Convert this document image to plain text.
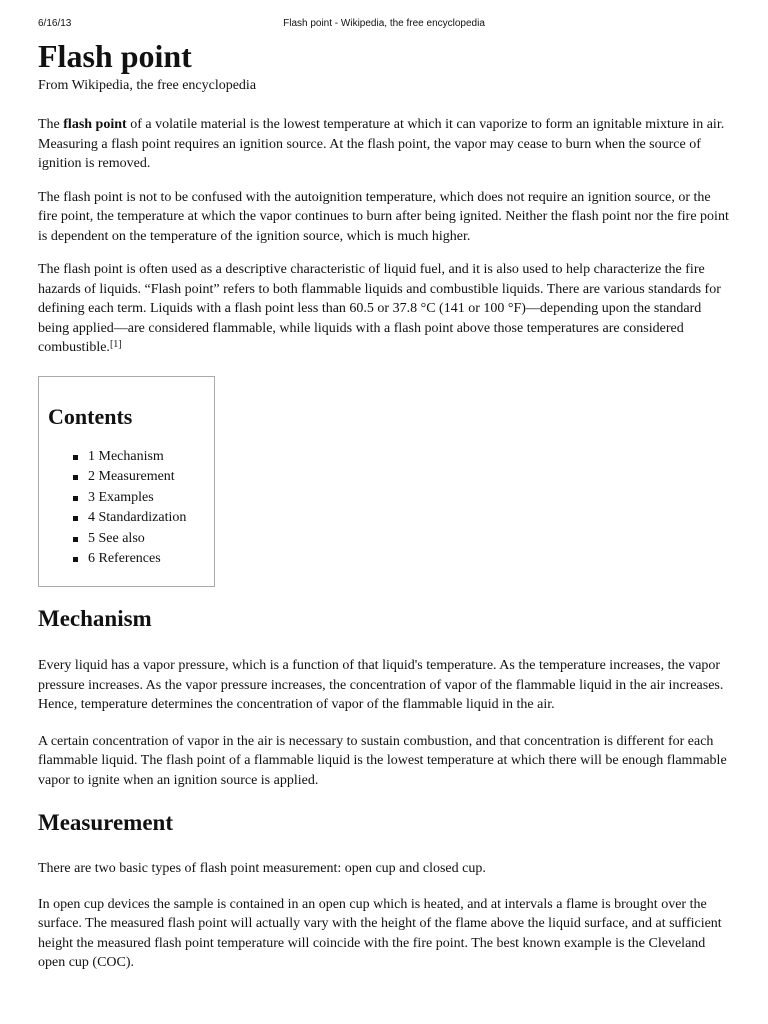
6/16/13	Flash point - Wikipedia, the free encyclopedia
Flash point
From Wikipedia, the free encyclopedia

The flash point of a volatile material is the lowest temperature at which it can vaporize to form an ignitable mixture in air. Measuring a flash point requires an ignition source. At the flash point, the vapor may cease to burn when the source of ignition is removed.

The flash point is not to be confused with the autoignition temperature, which does not require an ignition source, or the fire point, the temperature at which the vapor continues to burn after being ignited. Neither the flash point nor the fire point is dependent on the temperature of the ignition source, which is much higher.

The flash point is often used as a descriptive characteristic of liquid fuel, and it is also used to help characterize the fire hazards of liquids. “Flash point” refers to both flammable liquids and combustible liquids. There are various standards for defining each term. Liquids with a flash point less than 60.5 or 37.8 °C (141 or 100 °F)—depending upon the standard being applied—are considered flammable, while liquids with a flash point above those temperatures are considered combustible.[1]

Contents
1 Mechanism
2 Measurement
3 Examples
4 Standardization
5 See also
6 References
Mechanism

Every liquid has a vapor pressure, which is a function of that liquid's temperature. As the temperature increases, the vapor pressure increases. As the vapor pressure increases, the concentration of vapor of the flammable liquid in the air increases. Hence, temperature determines the concentration of vapor of the flammable liquid in the air.

A certain concentration of vapor in the air is necessary to sustain combustion, and that concentration is different for each flammable liquid. The flash point of a flammable liquid is the lowest temperature at which there will be enough flammable vapor to ignite when an ignition source is applied.

Measurement

There are two basic types of flash point measurement: open cup and closed cup.

In open cup devices the sample is contained in an open cup which is heated, and at intervals a flame is brought over the surface. The measured flash point will actually vary with the height of the flame above the liquid surface, and at sufficient height the measured flash point temperature will coincide with the fire point. The best known example is the Cleveland open cup (COC).
